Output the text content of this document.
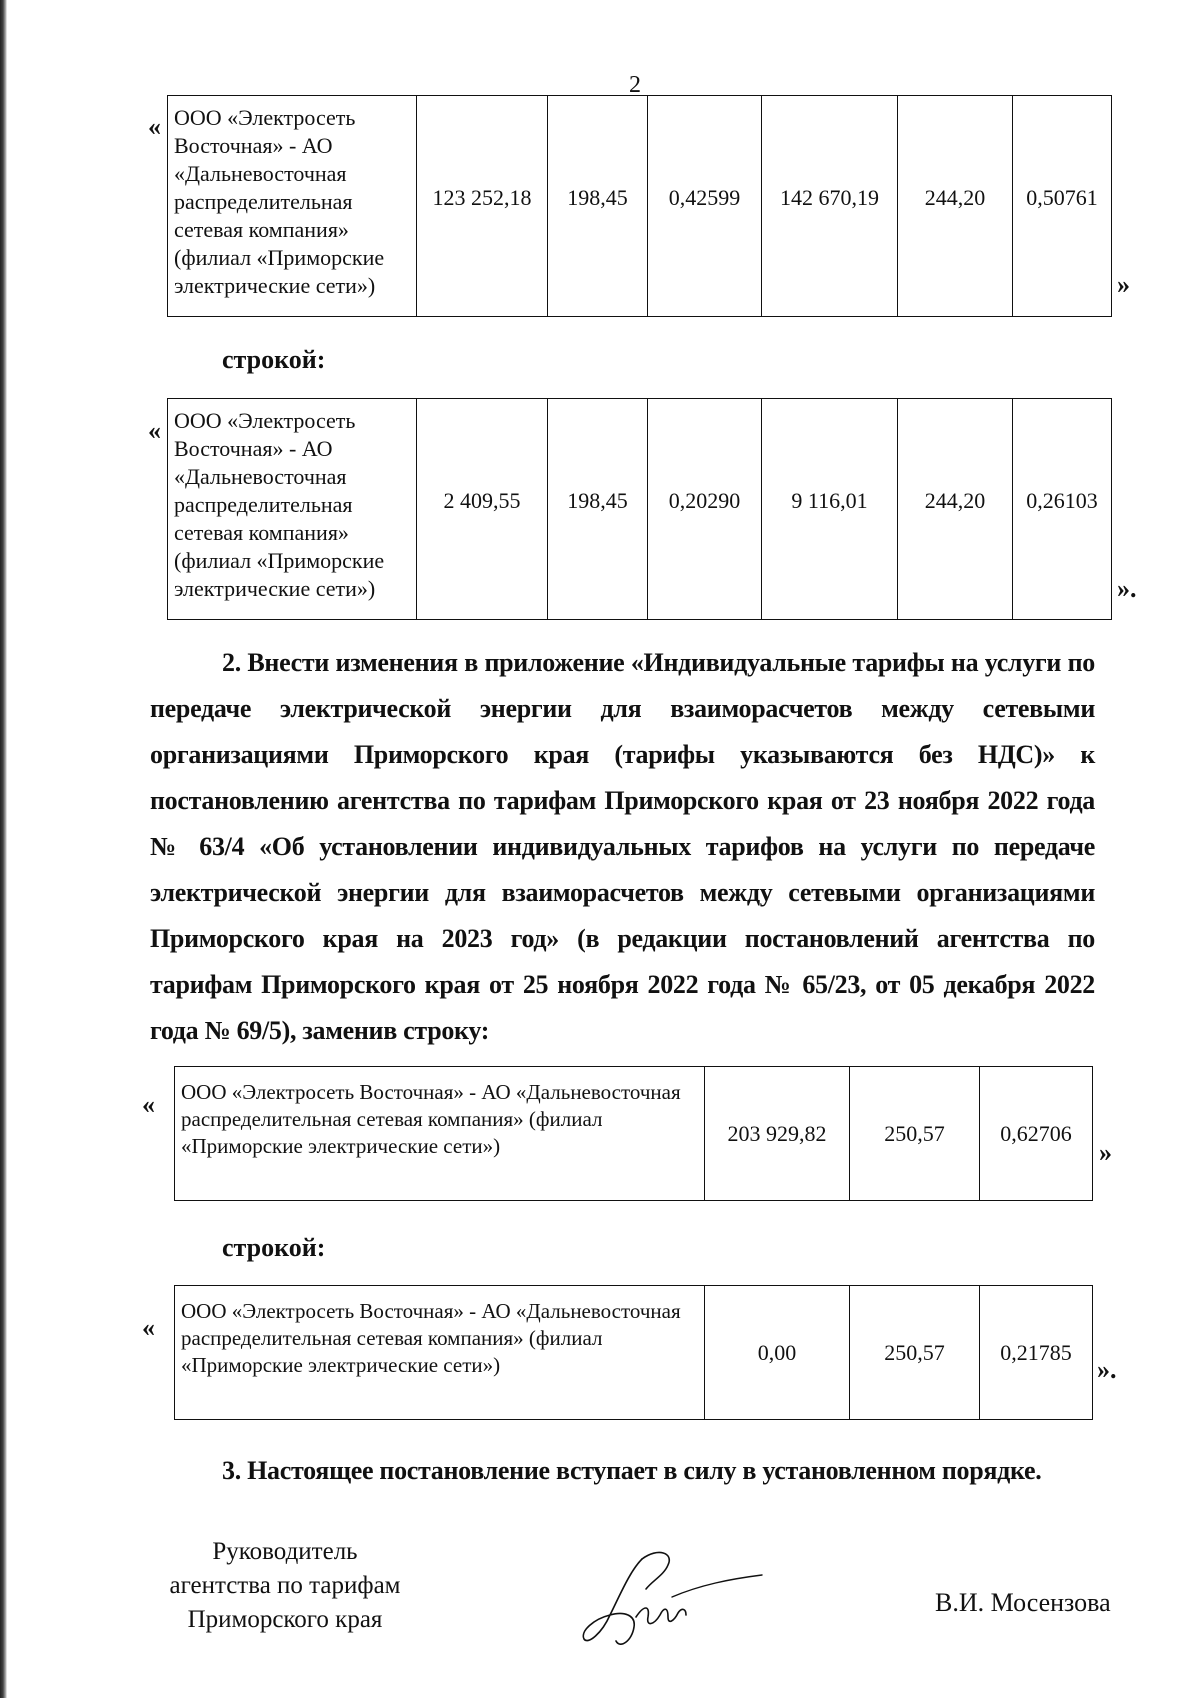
2
« ООО «Электросеть Восточная» - АО «Дальневосточная распределительная сетевая компания» (филиал «Приморские электрические сети»)	123 252,18	198,45	0,42599	142 670,19	244,20	0,50761
»
строкой:
« ООО «Электросеть Восточная» - АО «Дальневосточная распределительная сетевая компания» (филиал «Приморские электрические сети»)	2 409,55	198,45	0,20290	9 116,01	244,20	0,26103
».

2. Внести изменения в приложение «Индивидуальные тарифы на услуги по передаче электрической энергии для взаиморасчетов между сетевыми организациями Приморского края (тарифы указываются без НДС)» к постановлению агентства по тарифам Приморского края от 23 ноября 2022 года № 63/4 «Об установлении индивидуальных тарифов на услуги по передаче электрической энергии для взаиморасчетов между сетевыми организациями Приморского края на 2023 год» (в редакции постановлений агентства по тарифам Приморского края от 25 ноября 2022 года № 65/23, от 05 декабря 2022 года № 69/5), заменив строку:

« ООО «Электросеть Восточная» - АО «Дальневосточная распределительная сетевая компания» (филиал «Приморские электрические сети»)	203 929,82	250,57	0,62706
»
строкой:
«
ООО «Электросеть Восточная» - АО «Дальневосточная распределительная сетевая компания» (филиал «Приморские электрические сети»)	0,00	250,57	0,21785
».

3. Настоящее постановление вступает в силу в установленном порядке.

Руководитель
агентства по тарифам
Приморского края
В.И. Мосензова
